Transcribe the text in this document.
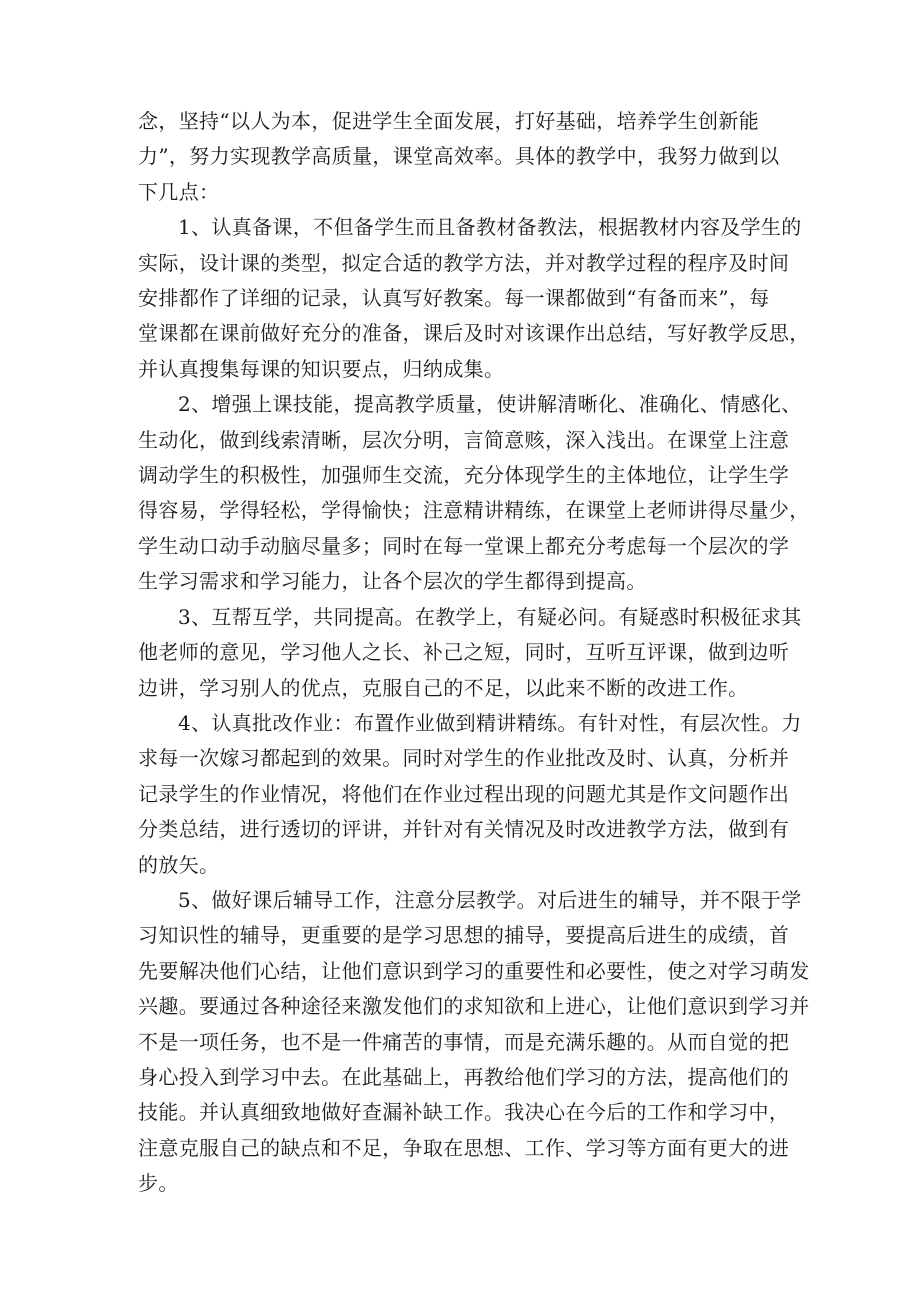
念，坚持“以人为本，促进学生全面发展，打好基础，培养学生创新能
力”，努力实现教学高质量，课堂高效率。具体的教学中，我努力做到以
下几点：

1、认真备课，不但备学生而且备教材备教法，根据教材内容及学生的
实际，设计课的类型，拟定合适的教学方法，并对教学过程的程序及时间
安排都作了详细的记录，认真写好教案。每一课都做到“有备而来”，每
堂课都在课前做好充分的准备，课后及时对该课作出总结，写好教学反思，
并认真搜集每课的知识要点，归纳成集。

2、增强上课技能，提高教学质量，使讲解清晰化、准确化、情感化、
生动化，做到线索清晰，层次分明，言简意赅，深入浅出。在课堂上注意
调动学生的积极性，加强师生交流，充分体现学生的主体地位，让学生学
得容易，学得轻松，学得愉快；注意精讲精练，在课堂上老师讲得尽量少，
学生动口动手动脑尽量多；同时在每一堂课上都充分考虑每一个层次的学
生学习需求和学习能力，让各个层次的学生都得到提高。

3、互帮互学，共同提高。在教学上，有疑必问。有疑惑时积极征求其
他老师的意见，学习他人之长、补己之短，同时，互听互评课，做到边听
边讲，学习别人的优点，克服自己的不足，以此来不断的改进工作。

4、认真批改作业：布置作业做到精讲精练。有针对性，有层次性。力
求每一次嫁习都起到的效果。同时对学生的作业批改及时、认真，分析并
记录学生的作业情况，将他们在作业过程出现的问题尤其是作文问题作出
分类总结，进行透切的评讲，并针对有关情况及时改进教学方法，做到有
的放矢。

5、做好课后辅导工作，注意分层教学。对后进生的辅导，并不限于学
习知识性的辅导，更重要的是学习思想的捕导，要提高后进生的成绩，首
先要解决他们心结，让他们意识到学习的重要性和必要性，使之对学习萌发
兴趣。要通过各种途径来激发他们的求知欲和上进心，让他们意识到学习并
不是一项任务，也不是一件痛苦的事情，而是充满乐趣的。从而自觉的把
身心投入到学习中去。在此基础上，再教给他们学习的方法，提高他们的
技能。并认真细致地做好查漏补缺工作。我决心在今后的工作和学习中，
注意克服自己的缺点和不足，争取在思想、工作、学习等方面有更大的进
步。
